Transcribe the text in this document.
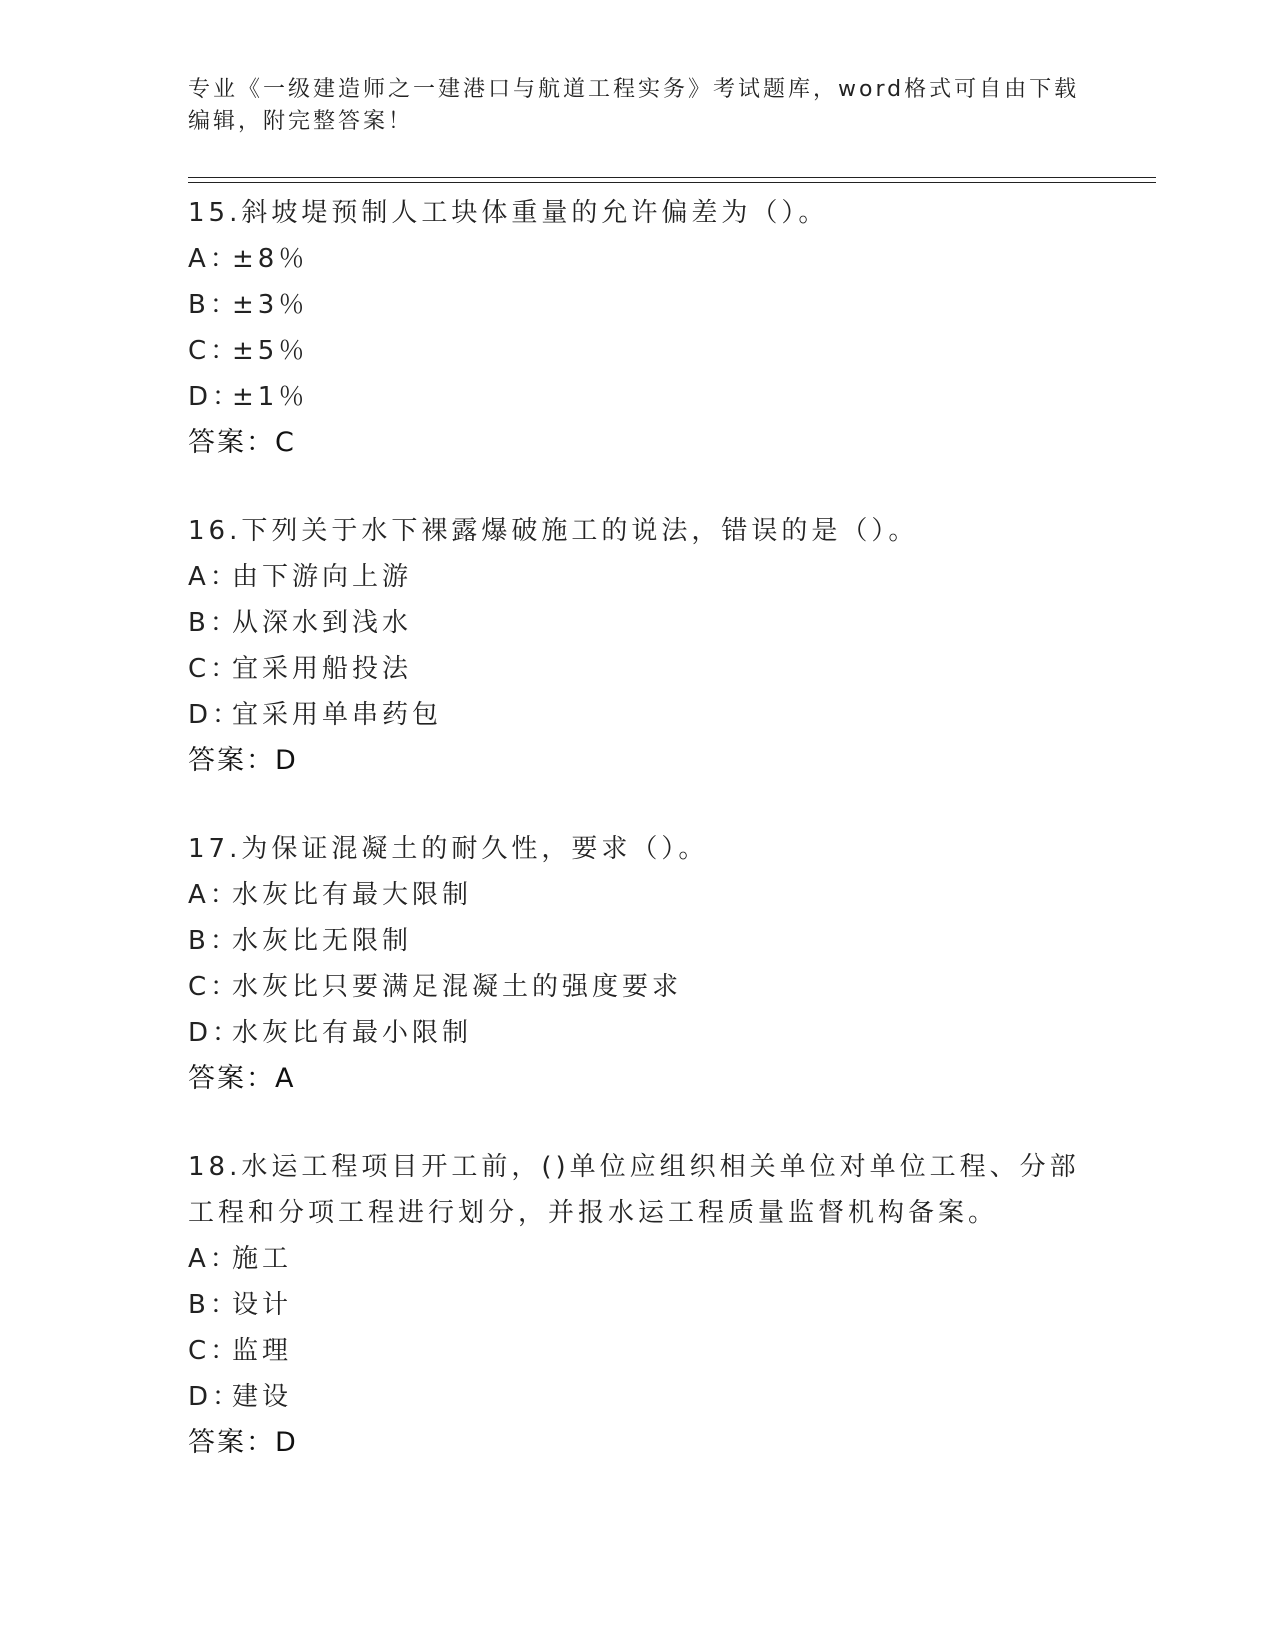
专业《一级建造师之一建港口与航道工程实务》考试题库，word格式可自由下载编辑，附完整答案！
15.斜坡堤预制人工块体重量的允许偏差为（）。
A：
±8％
B：
±3％
C：
±5％
D：
±1％
答案：C
16.下列关于水下裸露爆破施工的说法，错误的是（）。
A：
由下游向上游
B：
从深水到浅水
C：
宜采用船投法
D：
宜采用单串药包
答案：D
17.为保证混凝土的耐久性，要求（）。
A：
水灰比有最大限制
B：
水灰比无限制
C：
水灰比只要满足混凝土的强度要求
D：
水灰比有最小限制
答案：A
18.水运工程项目开工前，()单位应组织相关单位对单位工程、分部工程和分项工程进行划分，并报水运工程质量监督机构备案。
A：
施工
B：
设计
C：
监理
D：
建设
答案：D
